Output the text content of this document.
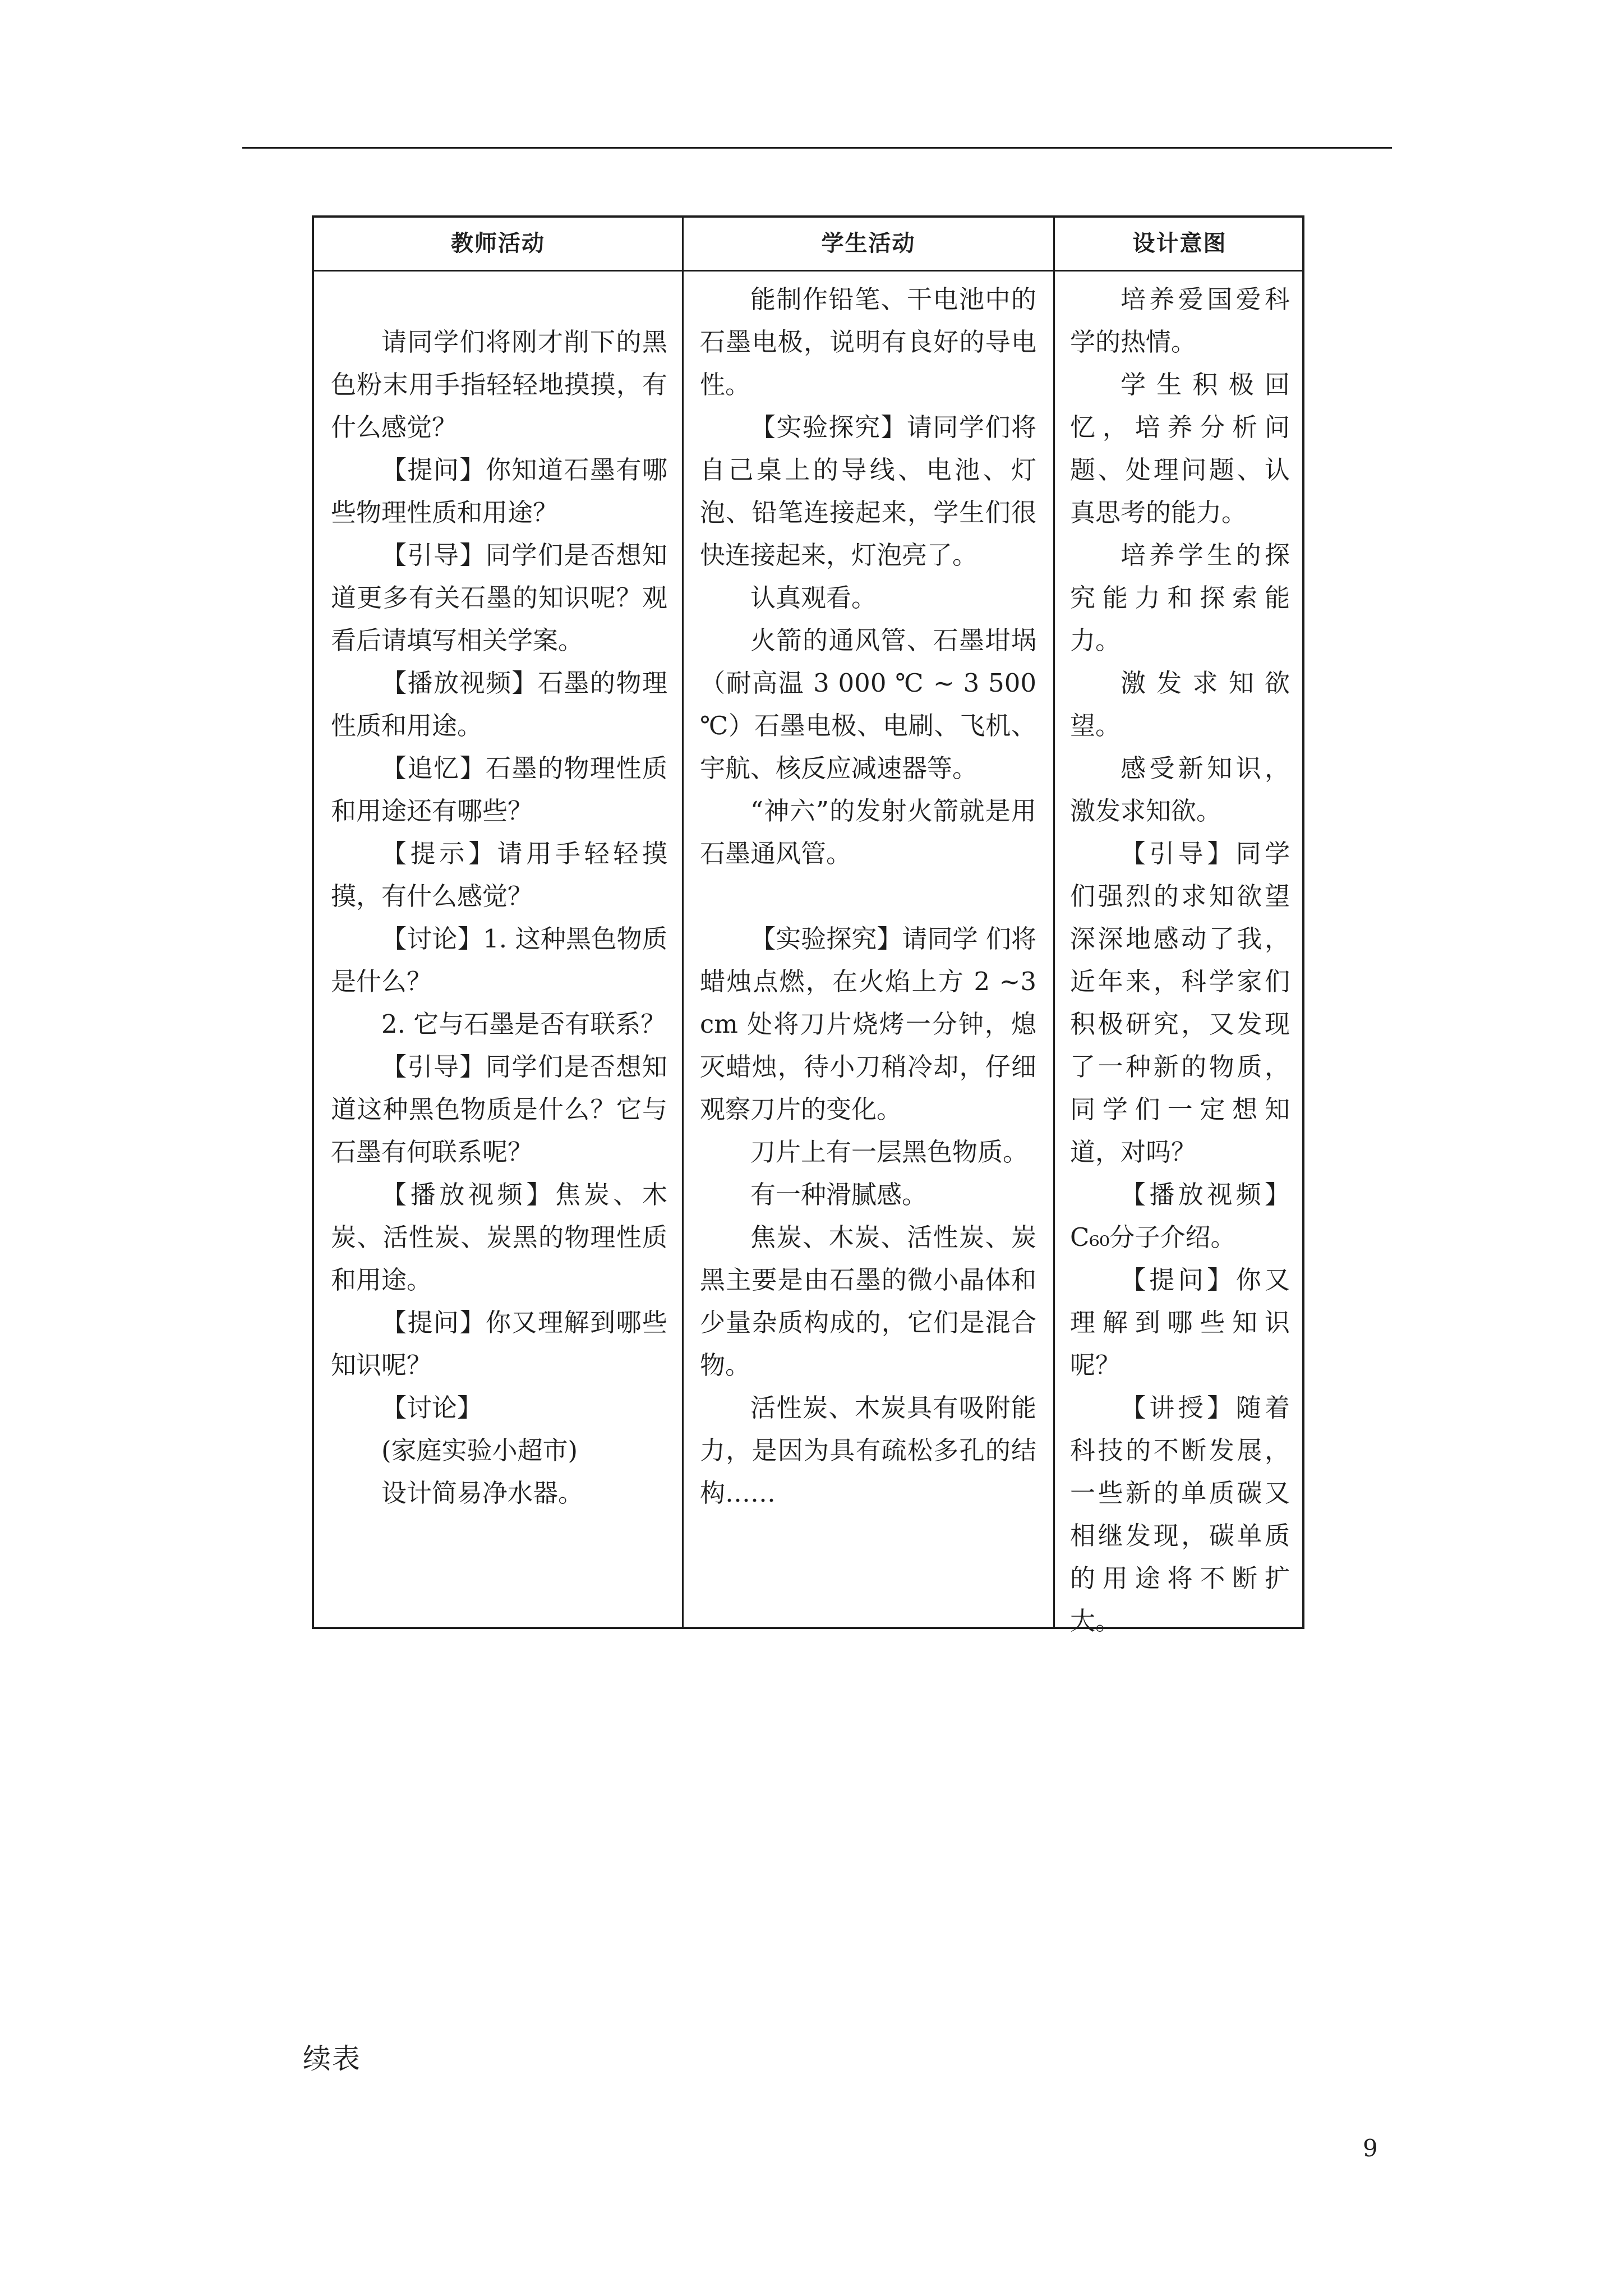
教师活动	学生活动	设计意图

请同学们将刚才削下的黑色粉末用手指轻轻地摸摸，有什么感觉？

【提问】你知道石墨有哪些物理性质和用途？

【引导】同学们是否想知道更多有关石墨的知识呢？观看后请填写相关学案。

【播放视频】石墨的物理性质和用途。

【追忆】石墨的物理性质和用途还有哪些？

【提示】请用手轻轻摸摸，有什么感觉？

【讨论】1. 这种黑色物质是什么？

2. 它与石墨是否有联系？

【引导】同学们是否想知道这种黑色物质是什么？它与石墨有何联系呢？

【播放视频】焦炭、木炭、活性炭、炭黑的物理性质和用途。

【提问】你又理解到哪些知识呢？

【讨论】

(家庭实验小超市)

设计简易净水器。

能制作铅笔、干电池中的石墨电极，说明有良好的导电性。

【实验探究】请同学们将自己桌上的导线、电池、灯泡、铅笔连接起来，学生们很快连接起来，灯泡亮了。

认真观看。

火箭的通风管、石墨坩埚（耐高温 3 000 ℃ ~ 3 500 ℃）石墨电极、电刷、飞机、宇航、核反应减速器等。

“神六”的发射火箭就是用石墨通风管。

【实验探究】请同学 们将蜡烛点燃，在火焰上方 2 ~3 cm 处将刀片烧烤一分钟，熄灭蜡烛，待小刀稍冷却，仔细观察刀片的变化。

刀片上有一层黑色物质。

有一种滑腻感。

焦炭、木炭、活性炭、炭黑主要是由石墨的微小晶体和少量杂质构成的，它们是混合物。

活性炭、木炭具有吸附能力，是因为具有疏松多孔的结构……

培养爱国爱科学的热情。

学生积极回忆，培养分析问题、处理问题、认真思考的能力。

培养学生的探究能力和探索能力。

激发求知欲望。

感受新知识，激发求知欲。

【引导】同学们强烈的求知欲望深深地感动了我，近年来，科学家们积极研究，又发现了一种新的物质，同学们一定想知道，对吗？

【播放视频】C₆₀分子介绍。

【提问】你又理解到哪些知识呢？

【讲授】随着科技的不断发展，一些新的单质碳又相继发现，碳单质的用途将不断扩大。

续表
9
